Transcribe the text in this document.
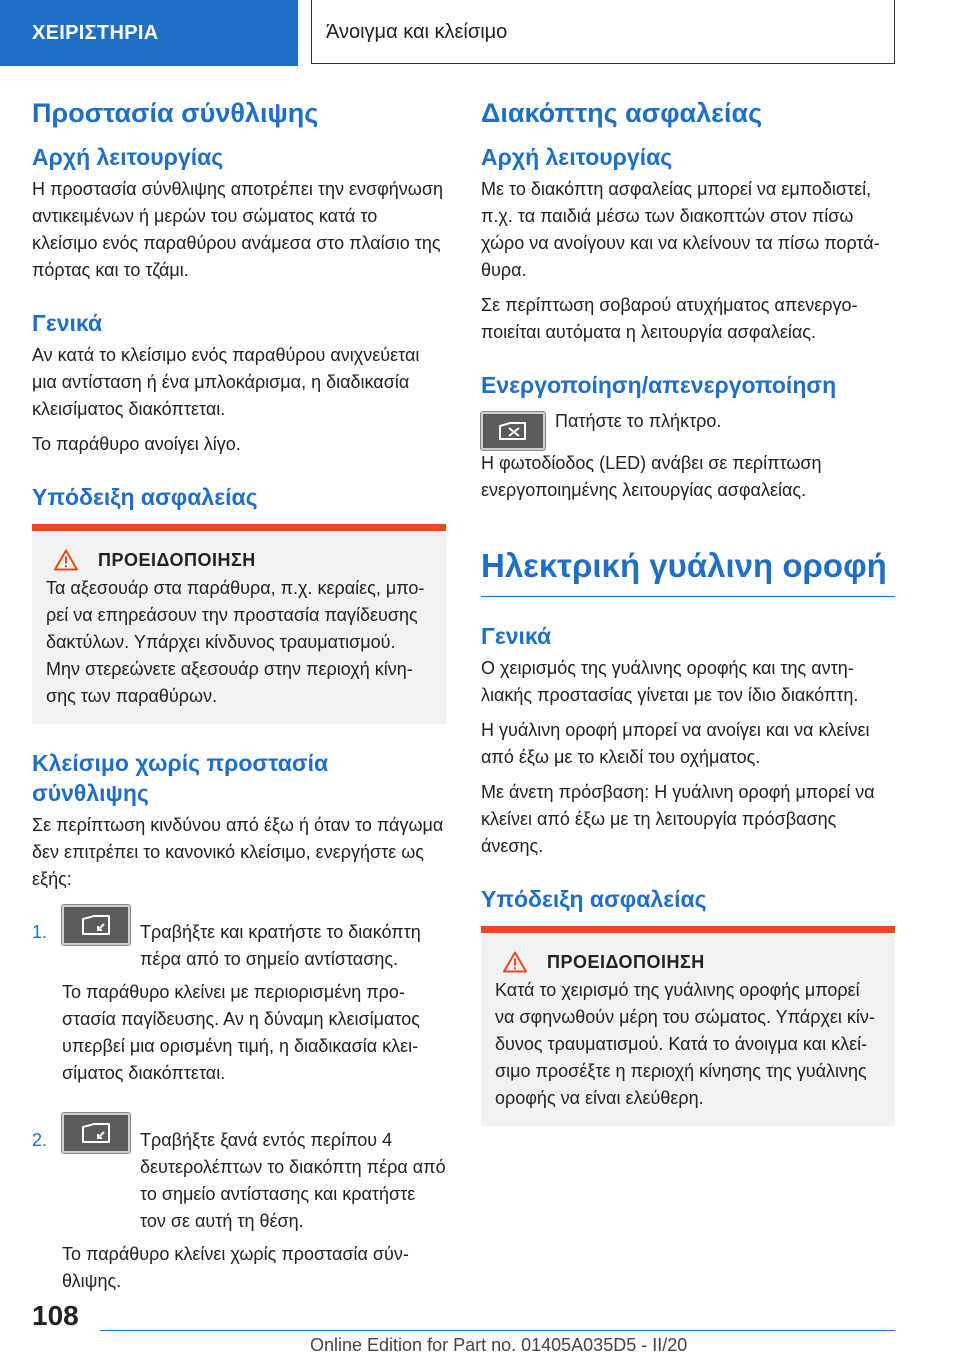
ΧΕΙΡΙΣΤΗΡΙΑ	Άνοιγμα και κλείσιμο
Προστασία σύνθλιψης
Αρχή λειτουργίας

Η προστασία σύνθλιψης αποτρέπει την ενσφήνωση αντικειμένων ή μερών του σώματος κατά το κλείσιμο ενός παραθύρου ανάμεσα στο πλαίσιο της πόρτας και το τζάμι.

Γενικά

Αν κατά το κλείσιμο ενός παραθύρου ανιχνεύεται μια αντίσταση ή ένα μπλοκάρισμα, η διαδικασία κλεισίματος διακόπτεται.

Το παράθυρο ανοίγει λίγο.

Υπόδειξη ασφαλείας
ΠΡΟΕΙΔΟΠΟΙΗΣΗ

Τα αξεσουάρ στα παράθυρα, π.χ. κεραίες, μπορεί να επηρεάσουν την προστασία παγίδευσης δακτύλων. Υπάρχει κίνδυνος τραυματισμού.

Μην στερεώνετε αξεσουάρ στην περιοχή κίνησης των παραθύρων.

Κλείσιμο χωρίς προστασία σύνθλιψης

Σε περίπτωση κινδύνου από έξω ή όταν το πάγωμα δεν επιτρέπει το κανονικό κλείσιμο, ενεργήστε ως εξής:

1.	Τραβήξτε και κρατήστε το διακόπτη πέρα από το σημείο αντίστασης.

Το παράθυρο κλείνει με περιορισμένη προστασία παγίδευσης. Αν η δύναμη κλεισίματος υπερβεί μια ορισμένη τιμή, η διαδικασία κλεισίματος διακόπτεται.

2.	Τραβήξτε ξανά εντός περίπου 4 δευτερολέπτων το διακόπτη πέρα από το σημείο αντίστασης και κρατήστε τον σε αυτή τη θέση.

Το παράθυρο κλείνει χωρίς προστασία σύνθλιψης.

Διακόπτης ασφαλείας
Αρχή λειτουργίας

Με το διακόπτη ασφαλείας μπορεί να εμποδιστεί, π.χ. τα παιδιά μέσω των διακοπτών στον πίσω χώρο να ανοίγουν και να κλείνουν τα πίσω πορτάθυρα.

Σε περίπτωση σοβαρού ατυχήματος απενεργοποιείται αυτόματα η λειτουργία ασφαλείας.

Ενεργοποίηση/απενεργοποίηση

Πατήστε το πλήκτρο.

Η φωτοδίοδος (LED) ανάβει σε περίπτωση ενεργοποιημένης λειτουργίας ασφαλείας.

Ηλεκτρική γυάλινη οροφή
Γενικά

Ο χειρισμός της γυάλινης οροφής και της αντηλιακής προστασίας γίνεται με τον ίδιο διακόπτη.

Η γυάλινη οροφή μπορεί να ανοίγει και να κλείνει από έξω με το κλειδί του οχήματος.

Με άνετη πρόσβαση: Η γυάλινη οροφή μπορεί να κλείνει από έξω με τη λειτουργία πρόσβασης άνεσης.

Υπόδειξη ασφαλείας
ΠΡΟΕΙΔΟΠΟΙΗΣΗ

Κατά το χειρισμό της γυάλινης οροφής μπορεί να σφηνωθούν μέρη του σώματος. Υπάρχει κίνδυνος τραυματισμού. Κατά το άνοιγμα και κλείσιμο προσέξτε η περιοχή κίνησης της γυάλινης οροφής να είναι ελεύθερη.

108
Online Edition for Part no. 01405A035D5 - II/20
